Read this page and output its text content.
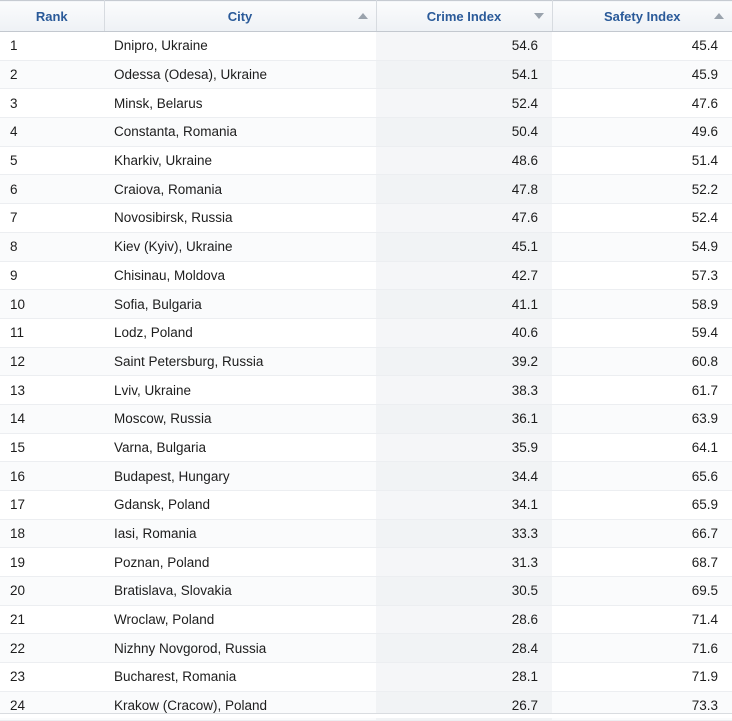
Rank	City	Crime Index	Safety Index

1	Dnipro, Ukraine	54.6	45.4
2	Odessa (Odesa), Ukraine	54.1	45.9
3	Minsk, Belarus	52.4	47.6
4	Constanta, Romania	50.4	49.6
5	Kharkiv, Ukraine	48.6	51.4
6	Craiova, Romania	47.8	52.2
7	Novosibirsk, Russia	47.6	52.4
8	Kiev (Kyiv), Ukraine	45.1	54.9
9	Chisinau, Moldova	42.7	57.3
10	Sofia, Bulgaria	41.1	58.9
11	Lodz, Poland	40.6	59.4
12	Saint Petersburg, Russia	39.2	60.8
13	Lviv, Ukraine	38.3	61.7
14	Moscow, Russia	36.1	63.9
15	Varna, Bulgaria	35.9	64.1
16	Budapest, Hungary	34.4	65.6
17	Gdansk, Poland	34.1	65.9
18	Iasi, Romania	33.3	66.7
19	Poznan, Poland	31.3	68.7
20	Bratislava, Slovakia	30.5	69.5
21	Wroclaw, Poland	28.6	71.4
22	Nizhny Novgorod, Russia	28.4	71.6
23	Bucharest, Romania	28.1	71.9
24	Krakow (Cracow), Poland	26.7	73.3
